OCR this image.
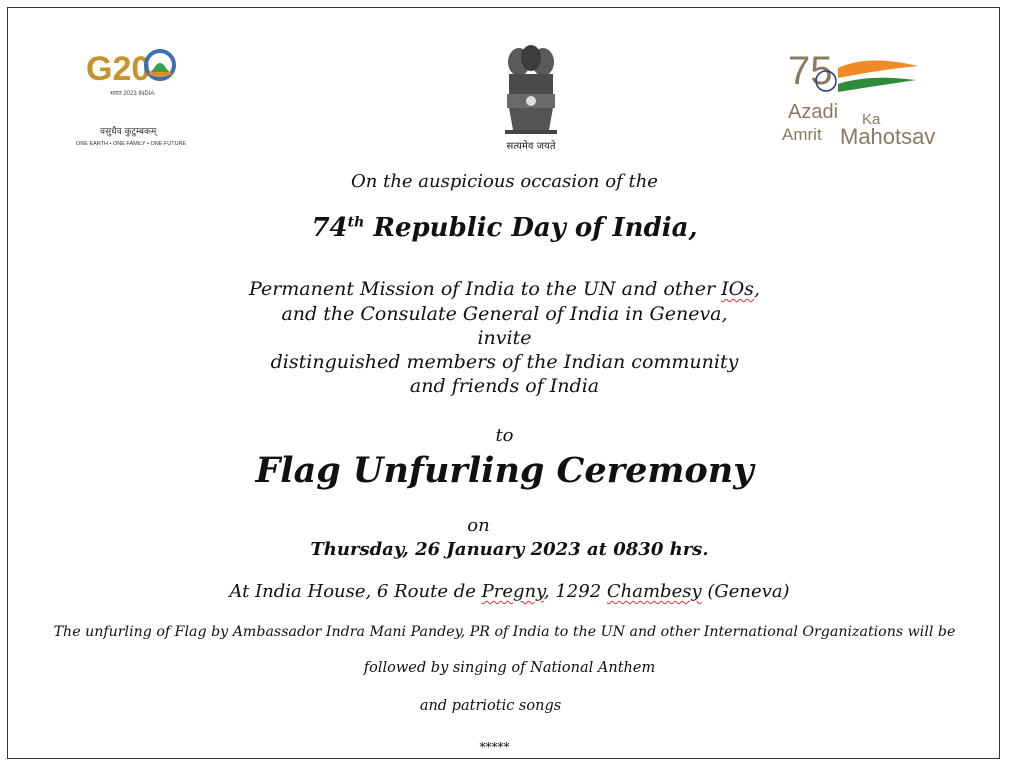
G20
भारत 2023 INDIA
वसुधैव कुटुम्बकम्
ONE EARTH • ONE FAMILY • ONE FUTURE	सत्यमेव जयते
75
Azadi Ka
Amrit Mahotsav
On the auspicious occasion of the
74th Republic Day of India,
Permanent Mission of India to the UN and other IOs,
and the Consulate General of India in Geneva,
invite
distinguished members of the Indian community
and friends of India
to
Flag Unfurling Ceremony
on
Thursday, 26 January 2023 at 0830 hrs.
At India House, 6 Route de Pregny, 1292 Chambesy (Geneva)
The unfurling of Flag by Ambassador Indra Mani Pandey, PR of India to the UN and other International Organizations will be
followed by singing of National Anthem
and patriotic songs
*****
